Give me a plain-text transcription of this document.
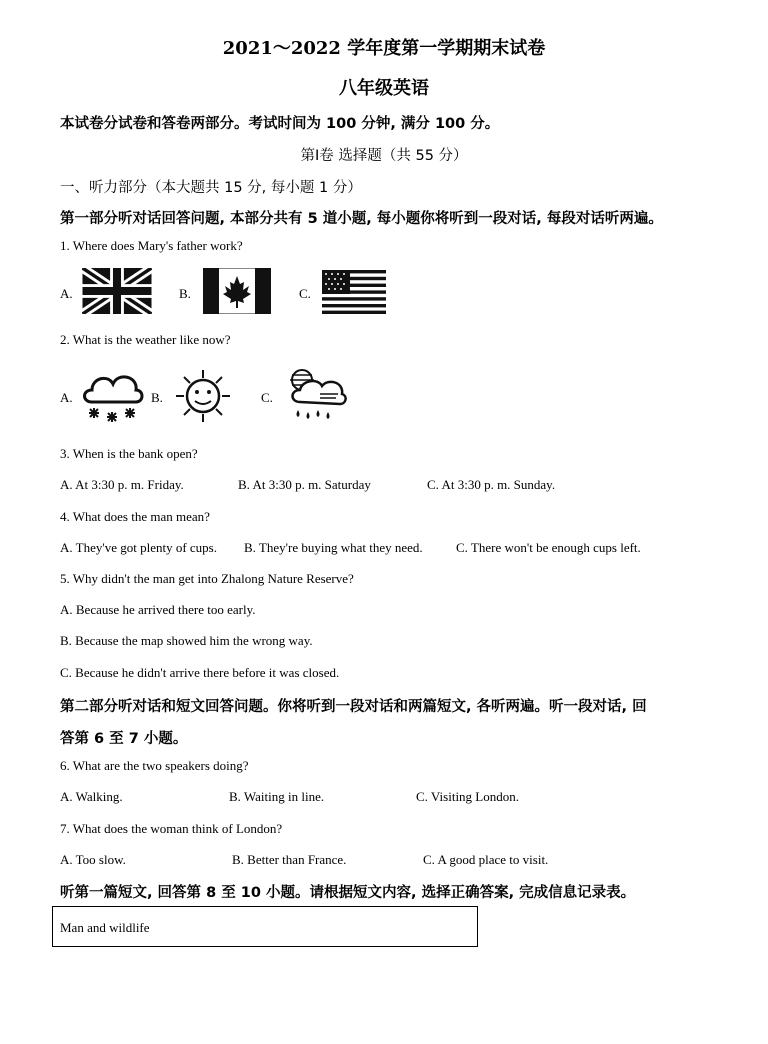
2021～2022 学年度第一学期期末试卷
八年级英语
本试卷分试卷和答卷两部分。考试时间为 100 分钟, 满分 100 分。
第Ⅰ卷 选择题（共 55 分）
一、听力部分（本大题共 15 分, 每小题 1 分）
第一部分听对话回答问题, 本部分共有 5 道小题, 每小题你将听到一段对话, 每段对话听两遍。
1. Where does Mary's father work?
A.	B.	C.
2. What is the weather like now?
A.	B.	C.
3. When is the bank open?
A. At 3:30 p. m. Friday.	B. At 3:30 p. m. Saturday	C. At 3:30 p. m. Sunday.
4. What does the man mean?
A. They've got plenty of cups. B. They're buying what they need.	C. There won't be enough cups left.
5. Why didn't the man get into Zhalong Nature Reserve?
A. Because he arrived there too early.
B. Because the map showed him the wrong way.
C. Because he didn't arrive there before it was closed.
第二部分听对话和短文回答问题。你将听到一段对话和两篇短文, 各听两遍。听一段对话, 回
答第 6 至 7 小题。
6. What are the two speakers doing?
A. Walking.	B. Waiting in line.	C. Visiting London.
7. What does the woman think of London?
A. Too slow.	B. Better than France.	C. A good place to visit.
听第一篇短文, 回答第 8 至 10 小题。请根据短文内容, 选择正确答案, 完成信息记录表。
Man and wildlife
